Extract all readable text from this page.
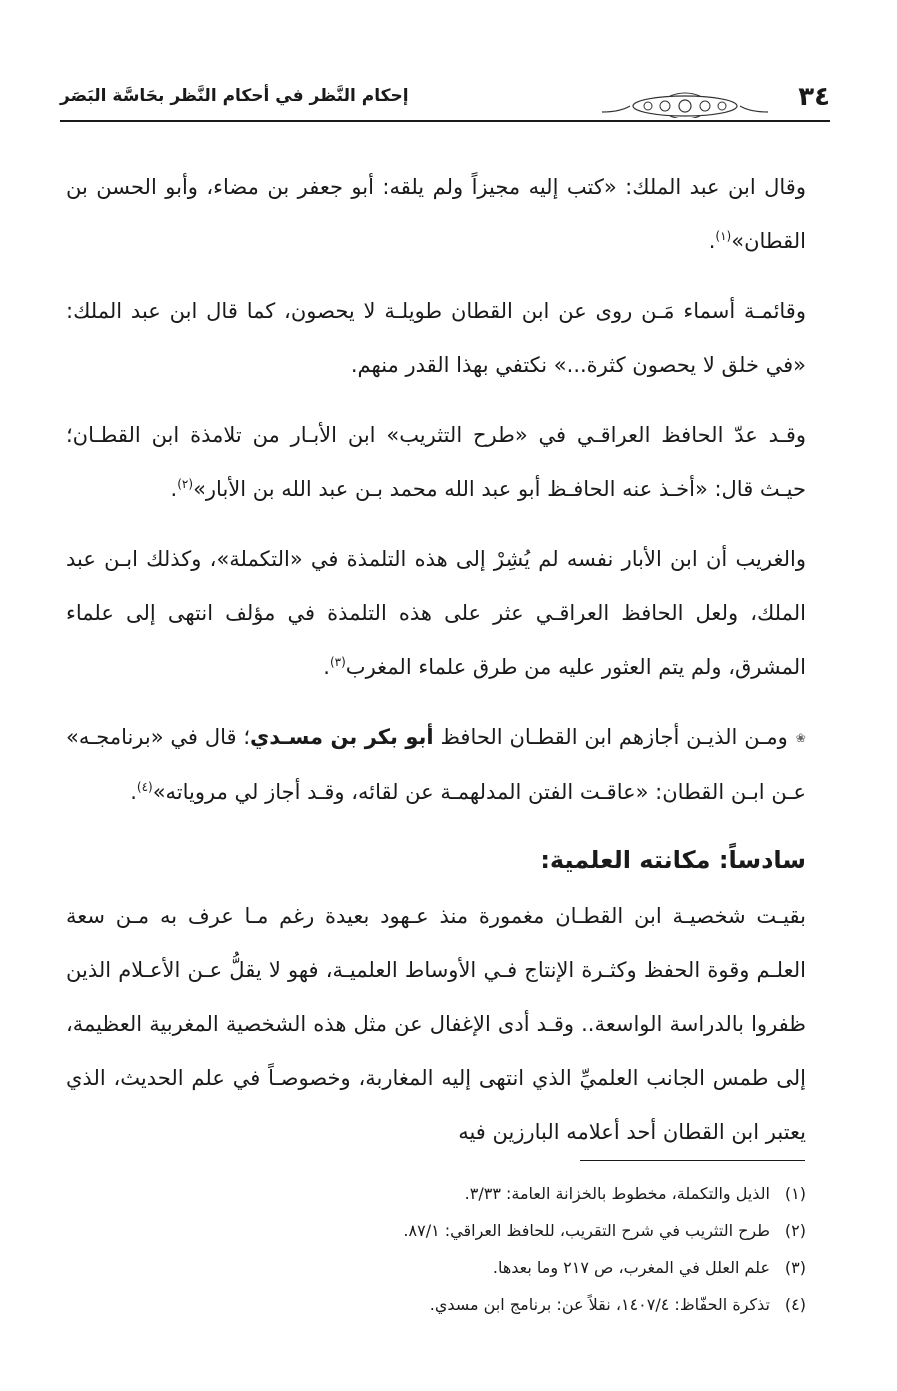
٣٤
إحكام النَّظر في أحكام النَّظر بحَاسَّة البَصَر

وقال ابن عبد الملك: «كتب إليه مجيزاً ولم يلقه: أبو جعفر بن مضاء، وأبو الحسن بن القطان»$^{(١)}$.

وقائمـة أسماء مَـن روى عن ابن القطان طويلـة لا يحصون، كما قال ابن عبد الملك: «في خلق لا يحصون كثرة...» نكتفي بهذا القدر منهم.

وقـد عدّ الحافظ العراقـي في «طرح التثريب» ابن الأبـار من تلامذة ابن القطـان؛ حيـث قال: «أخـذ عنه الحافـظ أبو عبد الله محمد بـن عبد الله بن الأبار»$^{(٢)}$.

والغريب أن ابن الأبار نفسه لم يُشِرْ إلى هذه التلمذة في «التكملة»، وكذلك ابـن عبد الملك، ولعل الحافظ العراقـي عثر على هذه التلمذة في مؤلف انتهى إلى علماء المشرق، ولم يتم العثور عليه من طرق علماء المغرب$^{(٣)}$.

❀ومـن الذيـن أجازهم ابن القطـان الحافظ أبو بكر بن مسـدي؛ قال في «برنامجـه» عـن ابـن القطان: «عاقـت الفتن المدلهمـة عن لقائه، وقـد أجاز لي مروياته»$^{(٤)}$.

سادساً: مكانته العلمية:

بقيـت شخصيـة ابن القطـان مغمورة منذ عـهود بعيدة رغم مـا عرف به مـن سعة العلـم وقوة الحفظ وكثـرة الإنتاج فـي الأوساط العلميـة، فهو لا يقلُّ عـن الأعـلام الذين ظفروا بالدراسة الواسعة.. وقـد أدى الإغفال عن مثل هذه الشخصية المغربية العظيمة، إلى طمس الجانب العلميِّ الذي انتهى إليه المغاربة، وخصوصـاً في علم الحديث، الذي يعتبر ابن القطان أحد أعلامه البارزين فيه

(١)الذيل والتكملة، مخطوط بالخزانة العامة: ٣/٣٣.

(٢)طرح التثريب في شرح التقريب، للحافظ العراقي: ٨٧/١.

(٣)علم العلل في المغرب، ص ٢١٧ وما بعدها.

(٤)تذكرة الحفّاظ: ١٤٠٧/٤، نقلاً عن: برنامج ابن مسدي.
